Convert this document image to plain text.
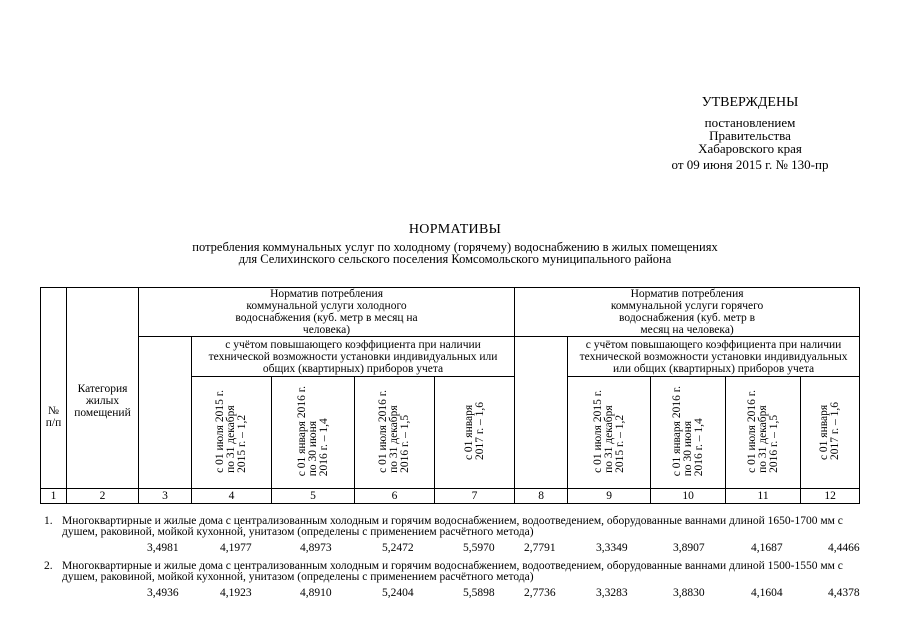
УТВЕРЖДЕНЫ
постановлением
Правительства
Хабаровского края
от 09 июня 2015 г. № 130-пр
НОРМАТИВЫ
потребления коммунальных услуг по холодному (горячему) водоснабжению в жилых помещениях
для Селихинского сельского поселения Комсомольского муниципального района
№ п/п	Категория жилых помещений	Норматив потребления коммунальной услуги холодного водоснабжения (куб. метр в месяц на человека)					Норматив потребления коммунальной услуги горячего водоснабжения (куб. метр в месяц на человека)				
			с учётом повышающего коэффициента при наличии технической возможности установки индивидуальных или общих (квартирных) приборов учета					с учётом повышающего коэффициента при наличии технической возможности установки индивидуальных или общих (квартирных) приборов учета			
			с 01 июля 2015 г.
по 31 декабря
2015 г. – 1,2	с 01 января 2016 г.
по 30 июня
2016 г. – 1,4	с 01 июля 2016 г.
по 31 декабря
2016 г. – 1,5	с 01 января
2017 г. – 1,6		с 01 июля 2015 г.
по 31 декабря
2015 г. – 1,2	с 01 января 2016 г.
по 30 июня
2016 г. – 1,4	с 01 июля 2016 г.
по 31 декабря
2016 г. – 1,5	с 01 января
2017 г. – 1,6
1	2	3	4	5	6	7	8	9	10	11	12
1. Многоквартирные и жилые дома с централизованным холодным и горячим водоснабжением, водоотведением, оборудованные ваннами длиной 1650-1700 мм с душем, раковиной, мойкой кухонной, унитазом (определены с применением расчётного метода)
3,4981	4,1977	4,8973	5,2472	5,5970	2,7791	3,3349	3,8907	4,1687	4,4466
2. Многоквартирные и жилые дома с централизованным холодным и горячим водоснабжением, водоотведением, оборудованные ваннами длиной 1500-1550 мм с душем, раковиной, мойкой кухонной, унитазом (определены с применением расчётного метода)
3,4936	4,1923	4,8910	5,2404	5,5898	2,7736	3,3283	3,8830	4,1604	4,4378
